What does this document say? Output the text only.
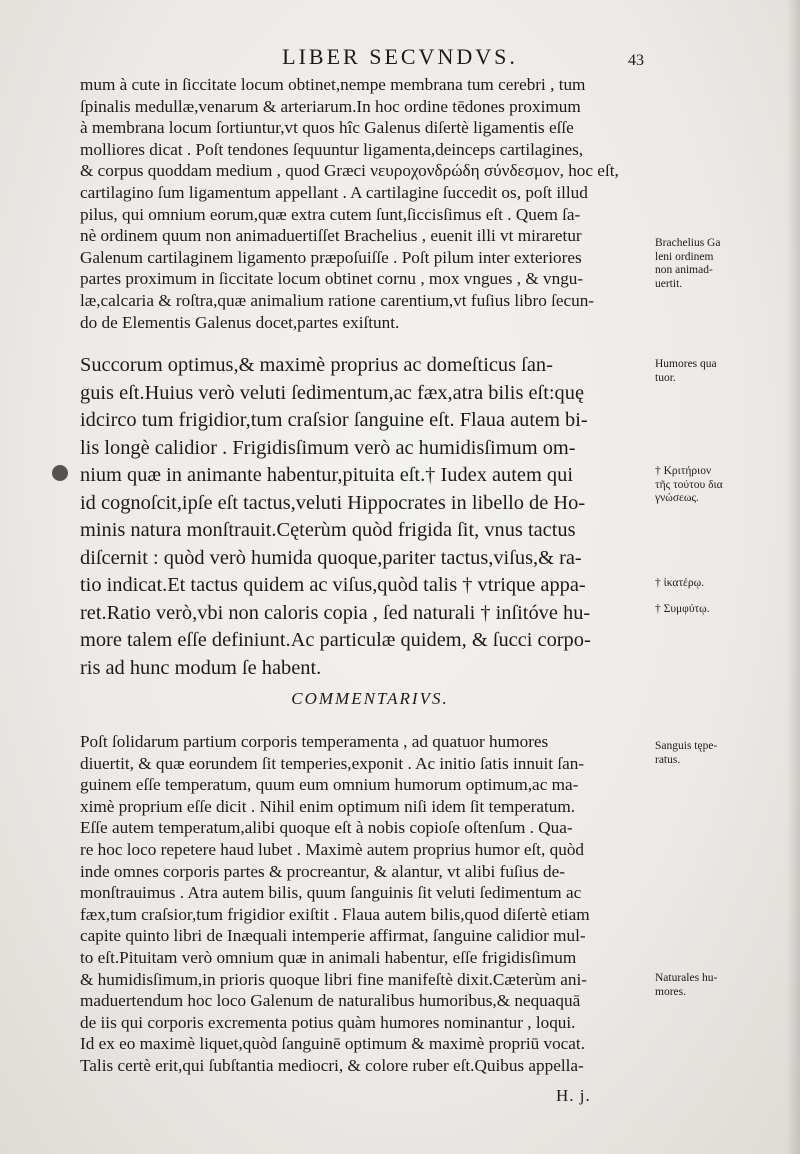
LIBER SECVNDVS.	43
mum à cute in ſiccitate locum obtinet,nempe membrana tum cerebri , tum
ſpinalis medullæ,venarum & arteriarum.In hoc ordine tēdones proximum
à membrana locum ſortiuntur,vt quos hîc Galenus diſertè ligamentis eſſe
molliores dicat . Poſt tendones ſequuntur ligamenta,deinceps cartilagines,
& corpus quoddam medium , quod Græci νευροχονδρώδη σύνδεσμον, hoc eſt,
cartilagino ſum ligamentum appellant . A cartilagine ſuccedit os, poſt illud
pilus, qui omnium eorum,quæ extra cutem ſunt,ſiccisſimus eſt . Quem ſa-
nè ordinem quum non animaduertiſſet Brachelius , euenit illi vt miraretur
Galenum cartilaginem ligamento præpoſuiſſe . Poſt pilum inter exteriores
partes proximum in ſiccitate locum obtinet cornu , mox vngues , & vngu-
læ,calcaria & roſtra,quæ animalium ratione carentium,vt fuſius libro ſecun-
do de Elementis Galenus docet,partes exiſtunt.
Succorum optimus,& maximè proprius ac domeſticus ſan-
guis eſt.Huius verò veluti ſedimentum,ac fæx,atra bilis eſt:quę
idcirco tum frigidior,tum craſsior ſanguine eſt. Flaua autem bi-
lis longè calidior . Frigidisſimum verò ac humidisſimum om-
nium quæ in animante habentur,pituita eſt.† Iudex autem qui
id cognoſcit,ipſe eſt tactus,veluti Hippocrates in libello de Ho-
minis natura monſtrauit.Cęterùm quòd frigida ſit, vnus tactus
diſcernit : quòd verò humida quoque,pariter tactus,viſus,& ra-
tio indicat.Et tactus quidem ac viſus,quòd talis † vtrique appa-
ret.Ratio verò,vbi non caloris copia , ſed naturali † inſitóve hu-
more talem eſſe definiunt.Ac particulæ quidem, & ſucci corpo-
ris ad hunc modum ſe habent.
COMMENTARIVS.
Poſt ſolidarum partium corporis temperamenta , ad quatuor humores
diuertit, & quæ eorundem ſit temperies,exponit . Ac initio ſatis innuit ſan-
guinem eſſe temperatum, quum eum omnium humorum optimum,ac ma-
ximè proprium eſſe dicit . Nihil enim optimum niſi idem ſit temperatum.
Eſſe autem temperatum,alibi quoque eſt à nobis copioſe oſtenſum . Qua-
re hoc loco repetere haud lubet . Maximè autem proprius humor eſt, quòd
inde omnes corporis partes & procreantur, & alantur, vt alibi fuſius de-
monſtrauimus . Atra autem bilis, quum ſanguinis ſit veluti ſedimentum ac
fæx,tum craſsior,tum frigidior exiſtit . Flaua autem bilis,quod diſertè etiam
capite quinto libri de Inæquali intemperie affirmat, ſanguine calidior mul-
to eſt.Pituitam verò omnium quæ in animali habentur, eſſe frigidisſimum
& humidisſimum,in prioris quoque libri fine manifeſtè dixit.Cæterùm ani-
maduertendum hoc loco Galenum de naturalibus humoribus,& nequaquā
de iis qui corporis excrementa potius quàm humores nominantur , loqui.
Id ex eo maximè liquet,quòd ſanguinē optimum & maximè propriū vocat.
Talis certè erit,qui ſubſtantia mediocri, & colore ruber eſt.Quibus appella-
Brachelius Ga
leni ordinem
non animad-
uertit.
Humores qua
tuor.
† Κριτήριον
τῆς τούτου δια
γνώσεως.
† ἰκατέρῳ.
† Συμφύτῳ.
Sanguis tępe-
ratus.
Naturales hu-
mores.
H. j.
